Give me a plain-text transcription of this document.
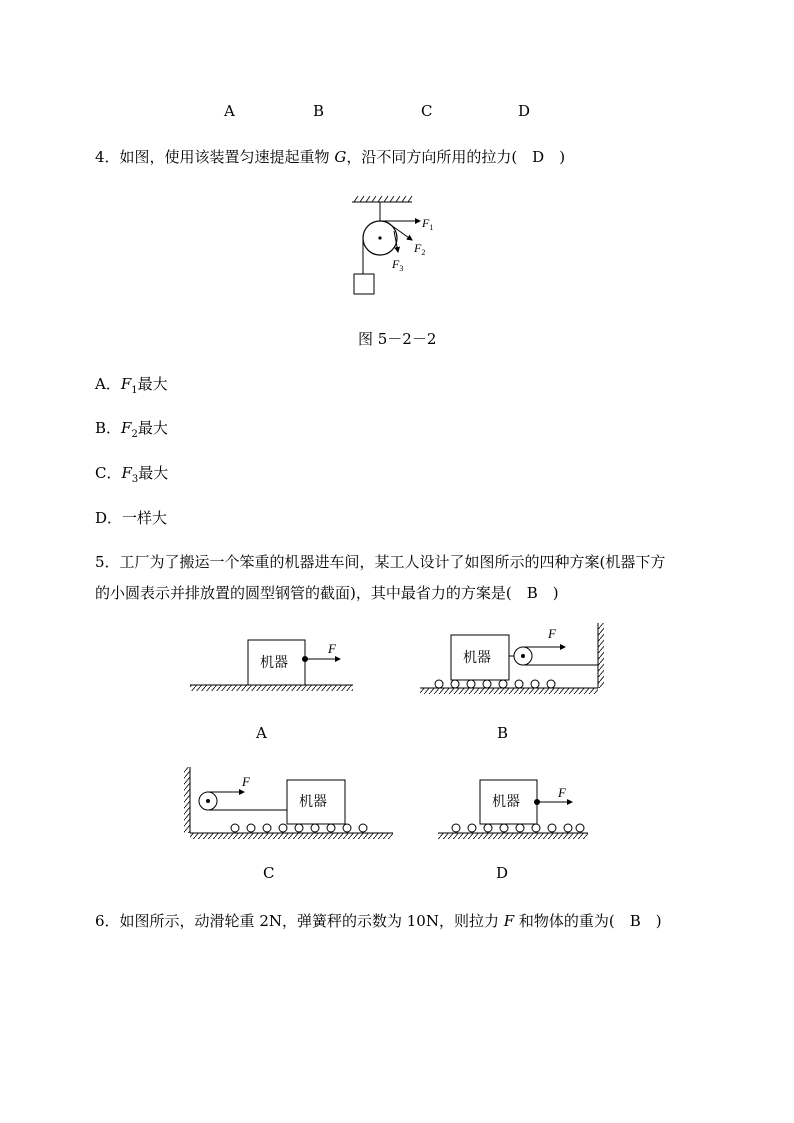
A	B	C	D
4．如图，使用该装置匀速提起重物 G，沿不同方向所用的拉力(　D　)
$F_1$
$F_2$
$F_3$
图 5－2－2
A．$F_1$最大
B．$F_2$最大
C．$F_3$最大
D．一样大
5．工厂为了搬运一个笨重的机器进车间，某工人设计了如图所示的四种方案(机器下方
的小圆表示并排放置的圆型钢管的截面)，其中最省力的方案是(　B　)
机器
F
机器
F
机器
F
机器
F
A	B
C	D
6．如图所示，动滑轮重 2N，弹簧秤的示数为 10N，则拉力 F 和物体的重为(　B　)
